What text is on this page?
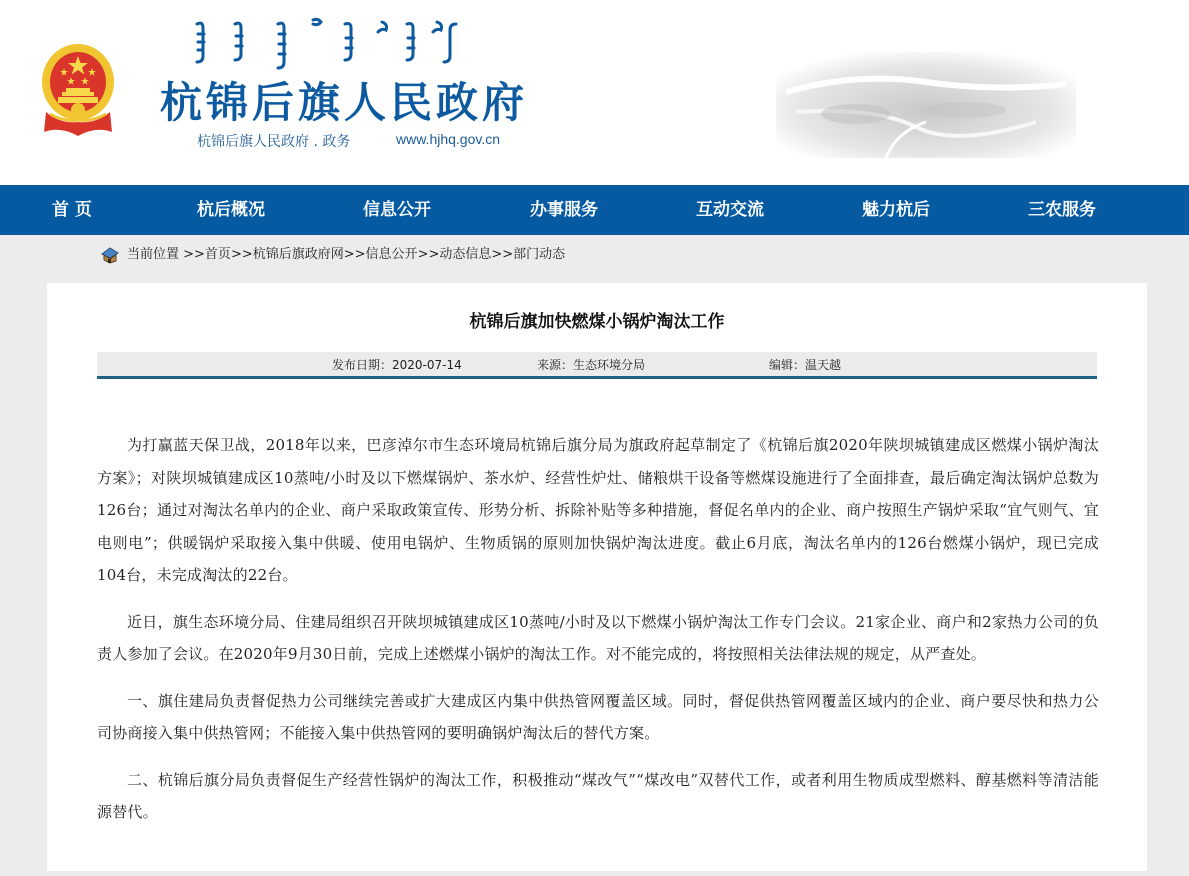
杭锦后旗人民政府
杭锦后旗人民政府 . 政务	www.hjhq.gov.cn
首 页	杭后概况	信息公开	办事服务	互动交流	魅力杭后	三农服务
当前位置 >> 首页 >> 杭锦后旗政府网 >> 信息公开 >> 动态信息 >> 部门动态
杭锦后旗加快燃煤小锅炉淘汰工作
发布日期：2020-07-14	来源：生态环境分局	编辑：温天越

为打赢蓝天保卫战，2018年以来，巴彦淖尔市生态环境局杭锦后旗分局为旗政府起草制定了《杭锦后旗2020年陕坝城镇建成区燃煤小锅炉淘汰方案》；对陕坝城镇建成区10蒸吨/小时及以下燃煤锅炉、茶水炉、经营性炉灶、储粮烘干设备等燃煤设施进行了全面排查，最后确定淘汰锅炉总数为126台；通过对淘汰名单内的企业、商户采取政策宣传、形势分析、拆除补贴等多种措施，督促名单内的企业、商户按照生产锅炉采取“宜气则气、宜电则电”；供暖锅炉采取接入集中供暖、使用电锅炉、生物质锅的原则加快锅炉淘汰进度。截止6月底，淘汰名单内的126台燃煤小锅炉，现已完成104台，未完成淘汰的22台。

近日，旗生态环境分局、住建局组织召开陕坝城镇建成区10蒸吨/小时及以下燃煤小锅炉淘汰工作专门会议。21家企业、商户和2家热力公司的负责人参加了会议。在2020年9月30日前，完成上述燃煤小锅炉的淘汰工作。对不能完成的，将按照相关法律法规的规定，从严查处。

一、旗住建局负责督促热力公司继续完善或扩大建成区内集中供热管网覆盖区域。同时，督促供热管网覆盖区域内的企业、商户要尽快和热力公司协商接入集中供热管网；不能接入集中供热管网的要明确锅炉淘汰后的替代方案。

二、杭锦后旗分局负责督促生产经营性锅炉的淘汰工作，积极推动“煤改气”“煤改电”双替代工作，或者利用生物质成型燃料、醇基燃料等清洁能源替代。
